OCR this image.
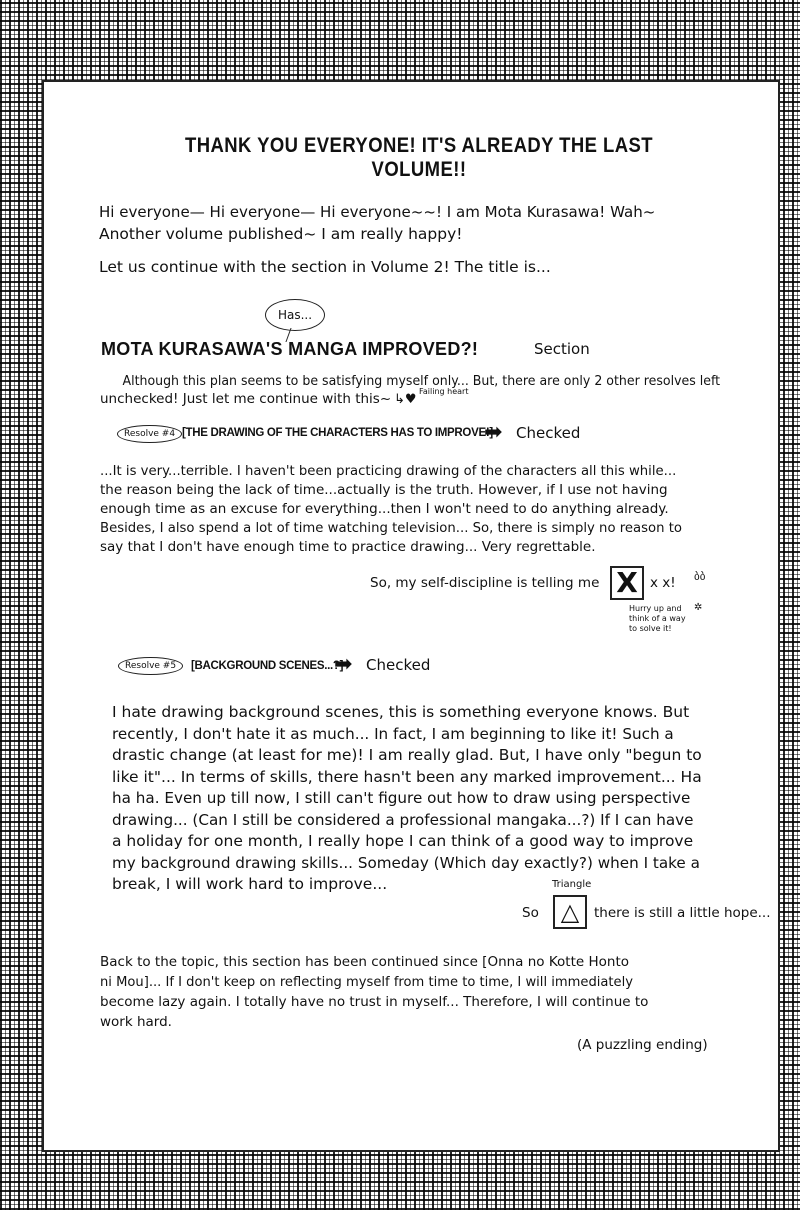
THANK YOU EVERYONE! IT'S ALREADY THE LAST VOLUME!!
Hi everyone— Hi everyone— Hi everyone~~! I am Mota Kurasawa! Wah~
Another volume published~ I am really happy!
Let us continue with the section in Volume 2! The title is...
Has...
MOTA KURASAWA'S MANGA IMPROVED?!	Section
Although this plan seems to be satisfying myself only... But, there are only 2 other resolves left
unchecked! Just let me continue with this~ ↳♥
Failing heart
Resolve #4 [THE DRAWING OF THE CHARACTERS HAS TO IMPROVE!]
➡ Checked
...It is very...terrible. I haven't been practicing drawing of the characters all this while...
the reason being the lack of time...actually is the truth. However, if I use not having
enough time as an excuse for everything...then I won't need to do anything already.
Besides, I also spend a lot of time watching television... So, there is simply no reason to
say that I don't have enough time to practice drawing... Very regrettable.
So, my self-discipline is telling me X x x! ბბ
Hurry up and
think of a way
to solve it!
✲
Resolve #5	[BACKGROUND SCENES...?]
➡ Checked
I hate drawing background scenes, this is something everyone knows. But
recently, I don't hate it as much... In fact, I am beginning to like it! Such a
drastic change (at least for me)! I am really glad. But, I have only "begun to
like it"... In terms of skills, there hasn't been any marked improvement... Ha
ha ha. Even up till now, I still can't figure out how to draw using perspective
drawing... (Can I still be considered a professional mangaka...?) If I can have
a holiday for one month, I really hope I can think of a good way to improve
my background drawing skills... Someday (Which day exactly?) when I take a
break, I will work hard to improve...	Triangle
So △	there is still a little hope...
Back to the topic, this section has been continued since [Onna no Kotte Honto
ni Mou]... If I don't keep on reflecting myself from time to time, I will immediately
become lazy again. I totally have no trust in myself... Therefore, I will continue to
work hard.
(A puzzling ending)
